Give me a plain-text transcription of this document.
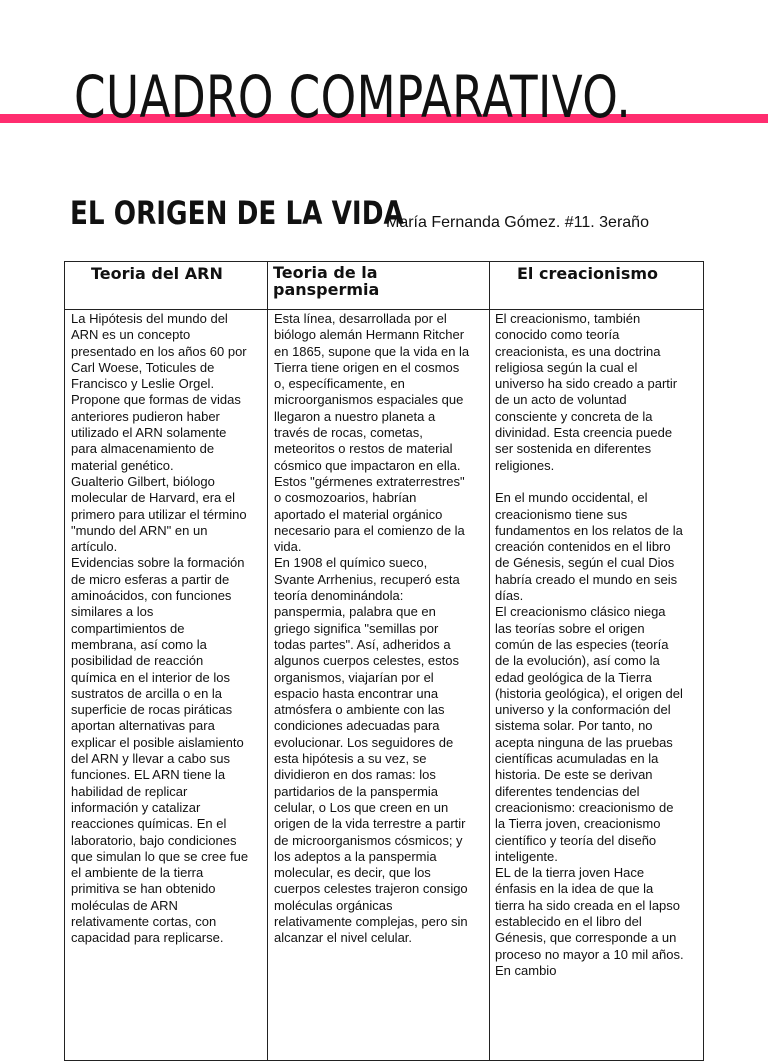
CUADRO COMPARATIVO.
EL ORIGEN DE LA VIDA
María Fernanda Gómez. #11. 3eraño
Teoria del ARN	Teoria de la panspermia
El creacionismo
La Hipótesis del mundo del
ARN es un concepto
presentado en los años 60 por
Carl Woese, Toticules de
Francisco y Leslie Orgel.
Propone que formas de vidas
anteriores pudieron haber
utilizado el ARN solamente
para almacenamiento de
material genético.
Gualterio Gilbert, biólogo
molecular de Harvard, era el
primero para utilizar el término
"mundo del ARN" en un
artículo.
Evidencias sobre la formación
de micro esferas a partir de
aminoácidos, con funciones
similares a los
compartimientos de
membrana, así como la
posibilidad de reacción
química en el interior de los
sustratos de arcilla o en la
superficie de rocas piráticas
aportan alternativas para
explicar el posible aislamiento
del ARN y llevar a cabo sus
funciones. EL ARN tiene la
habilidad de replicar
información y catalizar
reacciones químicas. En el
laboratorio, bajo condiciones
que simulan lo que se cree fue
el ambiente de la tierra
primitiva se han obtenido
moléculas de ARN
relativamente cortas, con
capacidad para replicarse.
Esta línea, desarrollada por el
biólogo alemán Hermann Ritcher
en 1865, supone que la vida en la
Tierra tiene origen en el cosmos
o, específicamente, en
microorganismos espaciales que
llegaron a nuestro planeta a
través de rocas, cometas,
meteoritos o restos de material
cósmico que impactaron en ella.
Estos "gérmenes extraterrestres"
o cosmozoarios, habrían
aportado el material orgánico
necesario para el comienzo de la
vida.
En 1908 el químico sueco,
Svante Arrhenius, recuperó esta
teoría denominándola:
panspermia, palabra que en
griego significa "semillas por
todas partes". Así, adheridos a
algunos cuerpos celestes, estos
organismos, viajarían por el
espacio hasta encontrar una
atmósfera o ambiente con las
condiciones adecuadas para
evolucionar. Los seguidores de
esta hipótesis a su vez, se
dividieron en dos ramas: los
partidarios de la panspermia
celular, o Los que creen en un
origen de la vida terrestre a partir
de microorganismos cósmicos; y
los adeptos a la panspermia
molecular, es decir, que los
cuerpos celestes trajeron consigo
moléculas orgánicas
relativamente complejas, pero sin
alcanzar el nivel celular.
El creacionismo, también
conocido como teoría
creacionista, es una doctrina
religiosa según la cual el
universo ha sido creado a partir
de un acto de voluntad
consciente y concreta de la
divinidad. Esta creencia puede
ser sostenida en diferentes
religiones.

En el mundo occidental, el
creacionismo tiene sus
fundamentos en los relatos de la
creación contenidos en el libro
de Génesis, según el cual Dios
habría creado el mundo en seis
días.
El creacionismo clásico niega
las teorías sobre el origen
común de las especies (teoría
de la evolución), así como la
edad geológica de la Tierra
(historia geológica), el origen del
universo y la conformación del
sistema solar. Por tanto, no
acepta ninguna de las pruebas
científicas acumuladas en la
historia. De este se derivan
diferentes tendencias del
creacionismo: creacionismo de
la Tierra joven, creacionismo
científico y teoría del diseño
inteligente.
EL de la tierra joven Hace
énfasis en la idea de que la
tierra ha sido creada en el lapso
establecido en el libro del
Génesis, que corresponde a un
proceso no mayor a 10 mil años.
En cambio
